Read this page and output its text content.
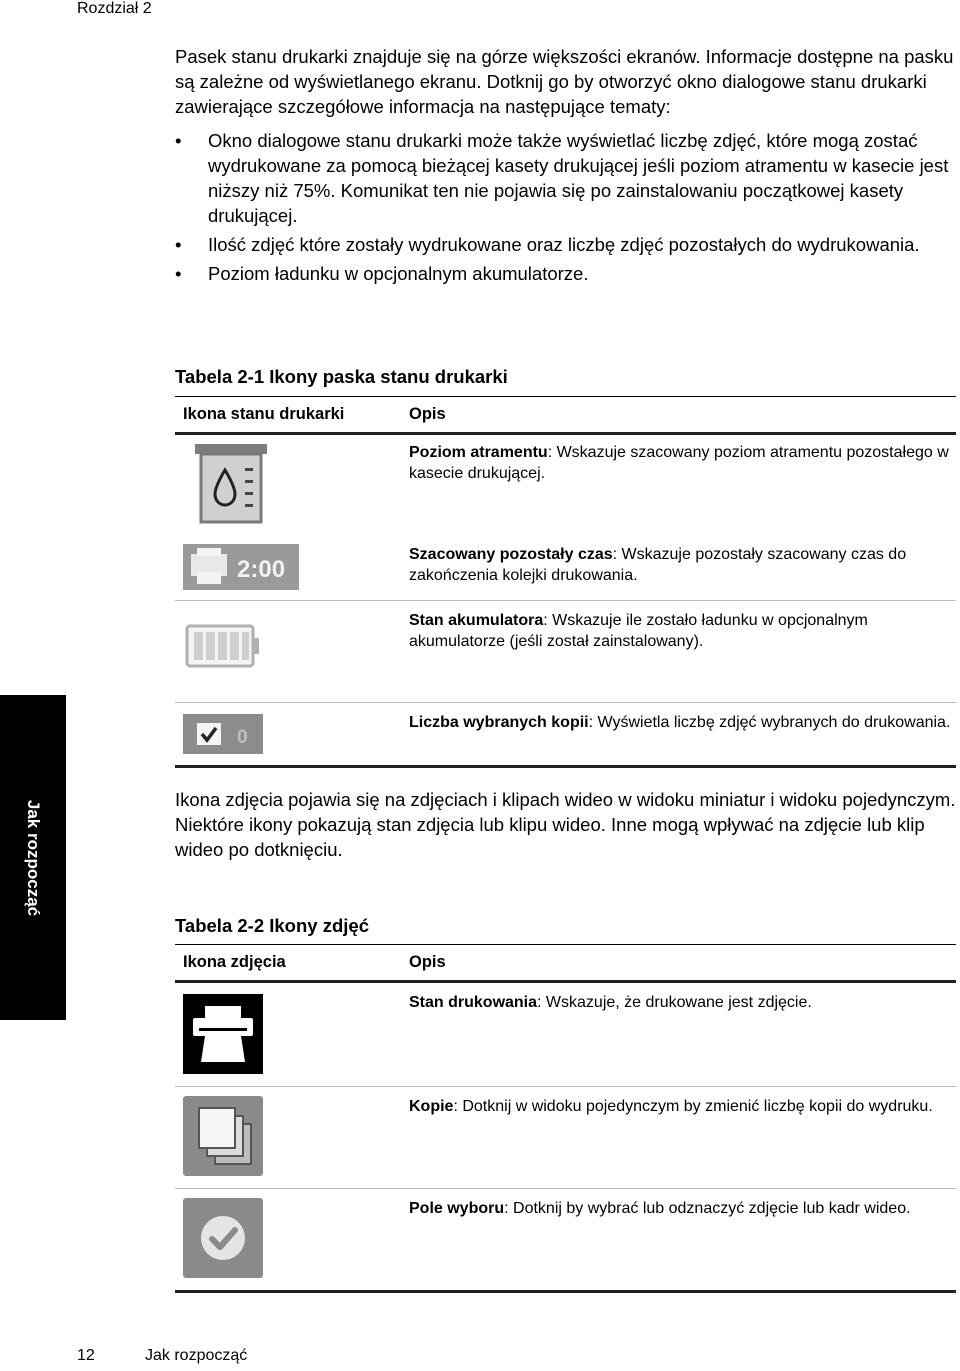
Rozdział 2

Pasek stanu drukarki znajduje się na górze większości ekranów. Informacje dostępne na pasku są zależne od wyświetlanego ekranu. Dotknij go by otworzyć okno dialogowe stanu drukarki zawierające szczegółowe informacja na następujące tematy:

• Okno dialogowe stanu drukarki może także wyświetlać liczbę zdjęć, które mogą zostać wydrukowane za pomocą bieżącej kasety drukującej jeśli poziom atramentu w kasecie jest niższy niż 75%. Komunikat ten nie pojawia się po zainstalowaniu początkowej kasety drukującej.
• Ilość zdjęć które zostały wydrukowane oraz liczbę zdjęć pozostałych do wydrukowania.
• Poziom ładunku w opcjonalnym akumulatorze.
Tabela 2-1 Ikony paska stanu drukarki
Ikona stanu drukarki	Opis
Poziom atramentu: Wskazuje szacowany poziom atramentu pozostałego w kasecie drukującej.
2:00
Szacowany pozostały czas: Wskazuje pozostały szacowany czas do zakończenia kolejki drukowania.
Stan akumulatora: Wskazuje ile zostało ładunku w opcjonalnym akumulatorze (jeśli został zainstalowany).
0
Liczba wybranych kopii: Wyświetla liczbę zdjęć wybranych do drukowania.

Ikona zdjęcia pojawia się na zdjęciach i klipach wideo w widoku miniatur i widoku pojedynczym. Niektóre ikony pokazują stan zdjęcia lub klipu wideo. Inne mogą wpływać na zdjęcie lub klip wideo po dotknięciu.

Tabela 2-2 Ikony zdjęć
Ikona zdjęcia	Opis
Stan drukowania: Wskazuje, że drukowane jest zdjęcie.
Kopie: Dotknij w widoku pojedynczym by zmienić liczbę kopii do wydruku.
Pole wyboru: Dotknij by wybrać lub odznaczyć zdjęcie lub kadr wideo.
Jak rozpocząć
12	Jak rozpocząć
